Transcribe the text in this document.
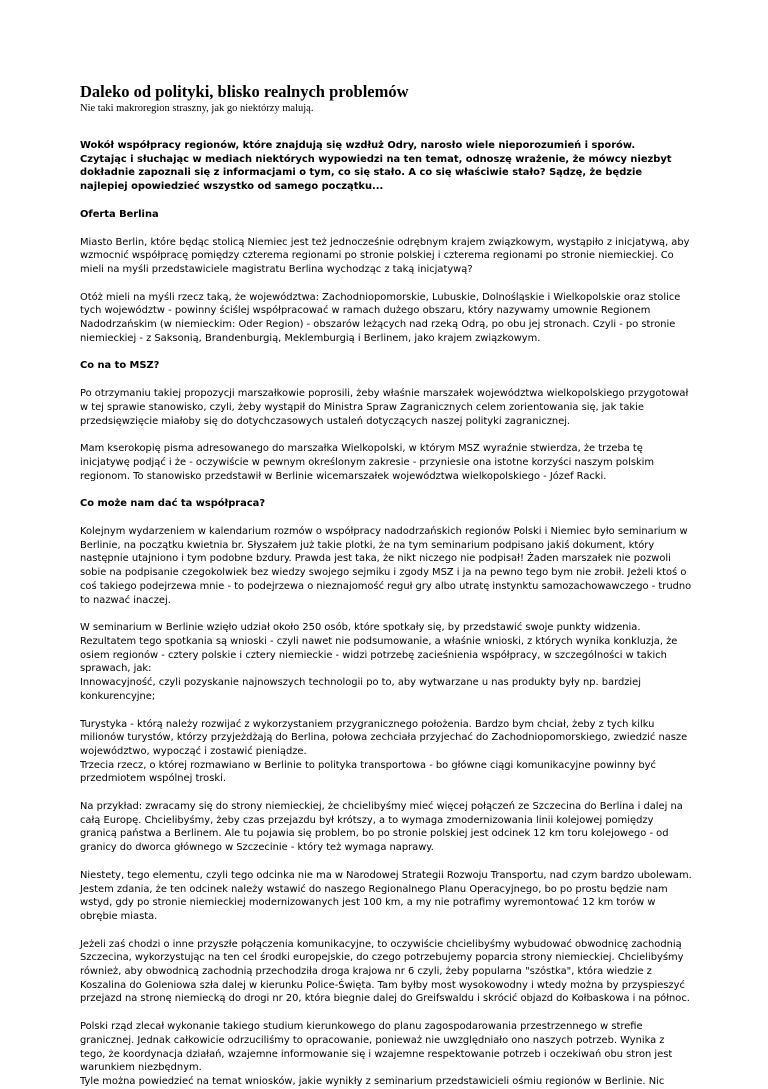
Daleko od polityki, blisko realnych problemów

Nie taki makroregion straszny, jak go niektórzy malują.

Wokół współpracy regionów, które znajdują się wzdłuż Odry, narosło wiele nieporozumień i sporów.
Czytając i słuchając w mediach niektórych wypowiedzi na ten temat, odnoszę wrażenie, że mówcy niezbyt
dokładnie zapoznali się z informacjami o tym, co się stało. A co się właściwie stało? Sądzę, że będzie
najlepiej opowiedzieć wszystko od samego początku...

Oferta Berlina

Miasto Berlin, które będąc stolicą Niemiec jest też jednocześnie odrębnym krajem związkowym, wystąpiło z inicjatywą, aby wzmocnić współpracę pomiędzy czterema regionami po stronie polskiej i czterema regionami po stronie niemieckiej. Co mieli na myśli przedstawiciele magistratu Berlina wychodząc z taką inicjatywą?

Otóż mieli na myśli rzecz taką, że województwa: Zachodniopomorskie, Lubuskie, Dolnośląskie i Wielkopolskie oraz stolice tych województw - powinny ściślej współpracować w ramach dużego obszaru, który nazywamy umownie Regionem Nadodrzańskim (w niemieckim: Oder Region) - obszarów leżących nad rzeką Odrą, po obu jej stronach. Czyli - po stronie niemieckiej - z Saksonią, Brandenburgią, Meklemburgią i Berlinem, jako krajem związkowym.

Co na to MSZ?

Po otrzymaniu takiej propozycji marszałkowie poprosili, żeby właśnie marszałek województwa wielkopolskiego przygotował w tej sprawie stanowisko, czyli, żeby wystąpił do Ministra Spraw Zagranicznych celem zorientowania się, jak takie przedsięwzięcie miałoby się do dotychczasowych ustaleń dotyczących naszej polityki zagranicznej.

Mam kserokopię pisma adresowanego do marszałka Wielkopolski, w którym MSZ wyraźnie stwierdza, że trzeba tę inicjatywę podjąć i że - oczywiście w pewnym określonym zakresie - przyniesie ona istotne korzyści naszym polskim regionom. To stanowisko przedstawił w Berlinie wicemarszałek województwa wielkopolskiego - Józef Racki.

Co może nam dać ta współpraca?

Kolejnym wydarzeniem w kalendarium rozmów o współpracy nadodrzańskich regionów Polski i Niemiec było seminarium w Berlinie, na początku kwietnia br. Słyszałem już takie plotki, że na tym seminarium podpisano jakiś dokument, który następnie utajniono i tym podobne bzdury. Prawda jest taka, że nikt niczego nie podpisał! Żaden marszałek nie pozwoli sobie na podpisanie czegokolwiek bez wiedzy swojego sejmiku i zgody MSZ i ja na pewno tego bym nie zrobił. Jeżeli ktoś o coś takiego podejrzewa mnie - to podejrzewa o nieznajomość reguł gry albo utratę instynktu samozachowawczego - trudno to nazwać inaczej.

W seminarium w Berlinie wzięło udział około 250 osób, które spotkały się, by przedstawić swoje punkty widzenia. Rezultatem tego spotkania są wnioski - czyli nawet nie podsumowanie, a właśnie wnioski, z których wynika konkluzja, że osiem regionów - cztery polskie i cztery niemieckie - widzi potrzebę zacieśnienia współpracy, w szczególności w takich sprawach, jak:
Innowacyjność, czyli pozyskanie najnowszych technologii po to, aby wytwarzane u nas produkty były np. bardziej konkurencyjne;

Turystyka - którą należy rozwijać z wykorzystaniem przygranicznego położenia. Bardzo bym chciał, żeby z tych kilku milionów turystów, którzy przyjeżdżają do Berlina, połowa zechciała przyjechać do Zachodniopomorskiego, zwiedzić nasze województwo, wypocząć i zostawić pieniądze.
Trzecia rzecz, o której rozmawiano w Berlinie to polityka transportowa - bo główne ciągi komunikacyjne powinny być przedmiotem wspólnej troski.

Na przykład: zwracamy się do strony niemieckiej, że chcielibyśmy mieć więcej połączeń ze Szczecina do Berlina i dalej na całą Europę. Chcielibyśmy, żeby czas przejazdu był krótszy, a to wymaga zmodernizowania linii kolejowej pomiędzy granicą państwa a Berlinem. Ale tu pojawia się problem, bo po stronie polskiej jest odcinek 12 km toru kolejowego - od granicy do dworca głównego w Szczecinie - który też wymaga naprawy.

Niestety, tego elementu, czyli tego odcinka nie ma w Narodowej Strategii Rozwoju Transportu, nad czym bardzo ubolewam. Jestem zdania, że ten odcinek należy wstawić do naszego Regionalnego Planu Operacyjnego, bo po prostu będzie nam wstyd, gdy po stronie niemieckiej modernizowanych jest 100 km, a my nie potrafimy wyremontować 12 km torów w obrębie miasta.

Jeżeli zaś chodzi o inne przyszłe połączenia komunikacyjne, to oczywiście chcielibyśmy wybudować obwodnicę zachodnią Szczecina, wykorzystując na ten cel środki europejskie, do czego potrzebujemy poparcia strony niemieckiej. Chcielibyśmy również, aby obwodnicą zachodnią przechodziła droga krajowa nr 6 czyli, żeby popularna "szóstka", która wiedzie z Koszalina do Goleniowa szła dalej w kierunku Police-Święta. Tam byłby most wysokowodny i wtedy można by przyspieszyć przejazd na stronę niemiecką do drogi nr 20, która biegnie dalej do Greifswaldu i skrócić objazd do Kołbaskowa i na północ.

Polski rząd zlecał wykonanie takiego studium kierunkowego do planu zagospodarowania przestrzennego w strefie granicznej. Jednak całkowicie odrzuciliśmy to opracowanie, ponieważ nie uwzględniało ono naszych potrzeb. Wynika z tego, że koordynacja działań, wzajemne informowanie się i wzajemne respektowanie potrzeb i oczekiwań obu stron jest warunkiem niezbędnym.
Tyle można powiedzieć na temat wniosków, jakie wynikły z seminarium przedstawicieli ośmiu regionów w Berlinie. Nic
